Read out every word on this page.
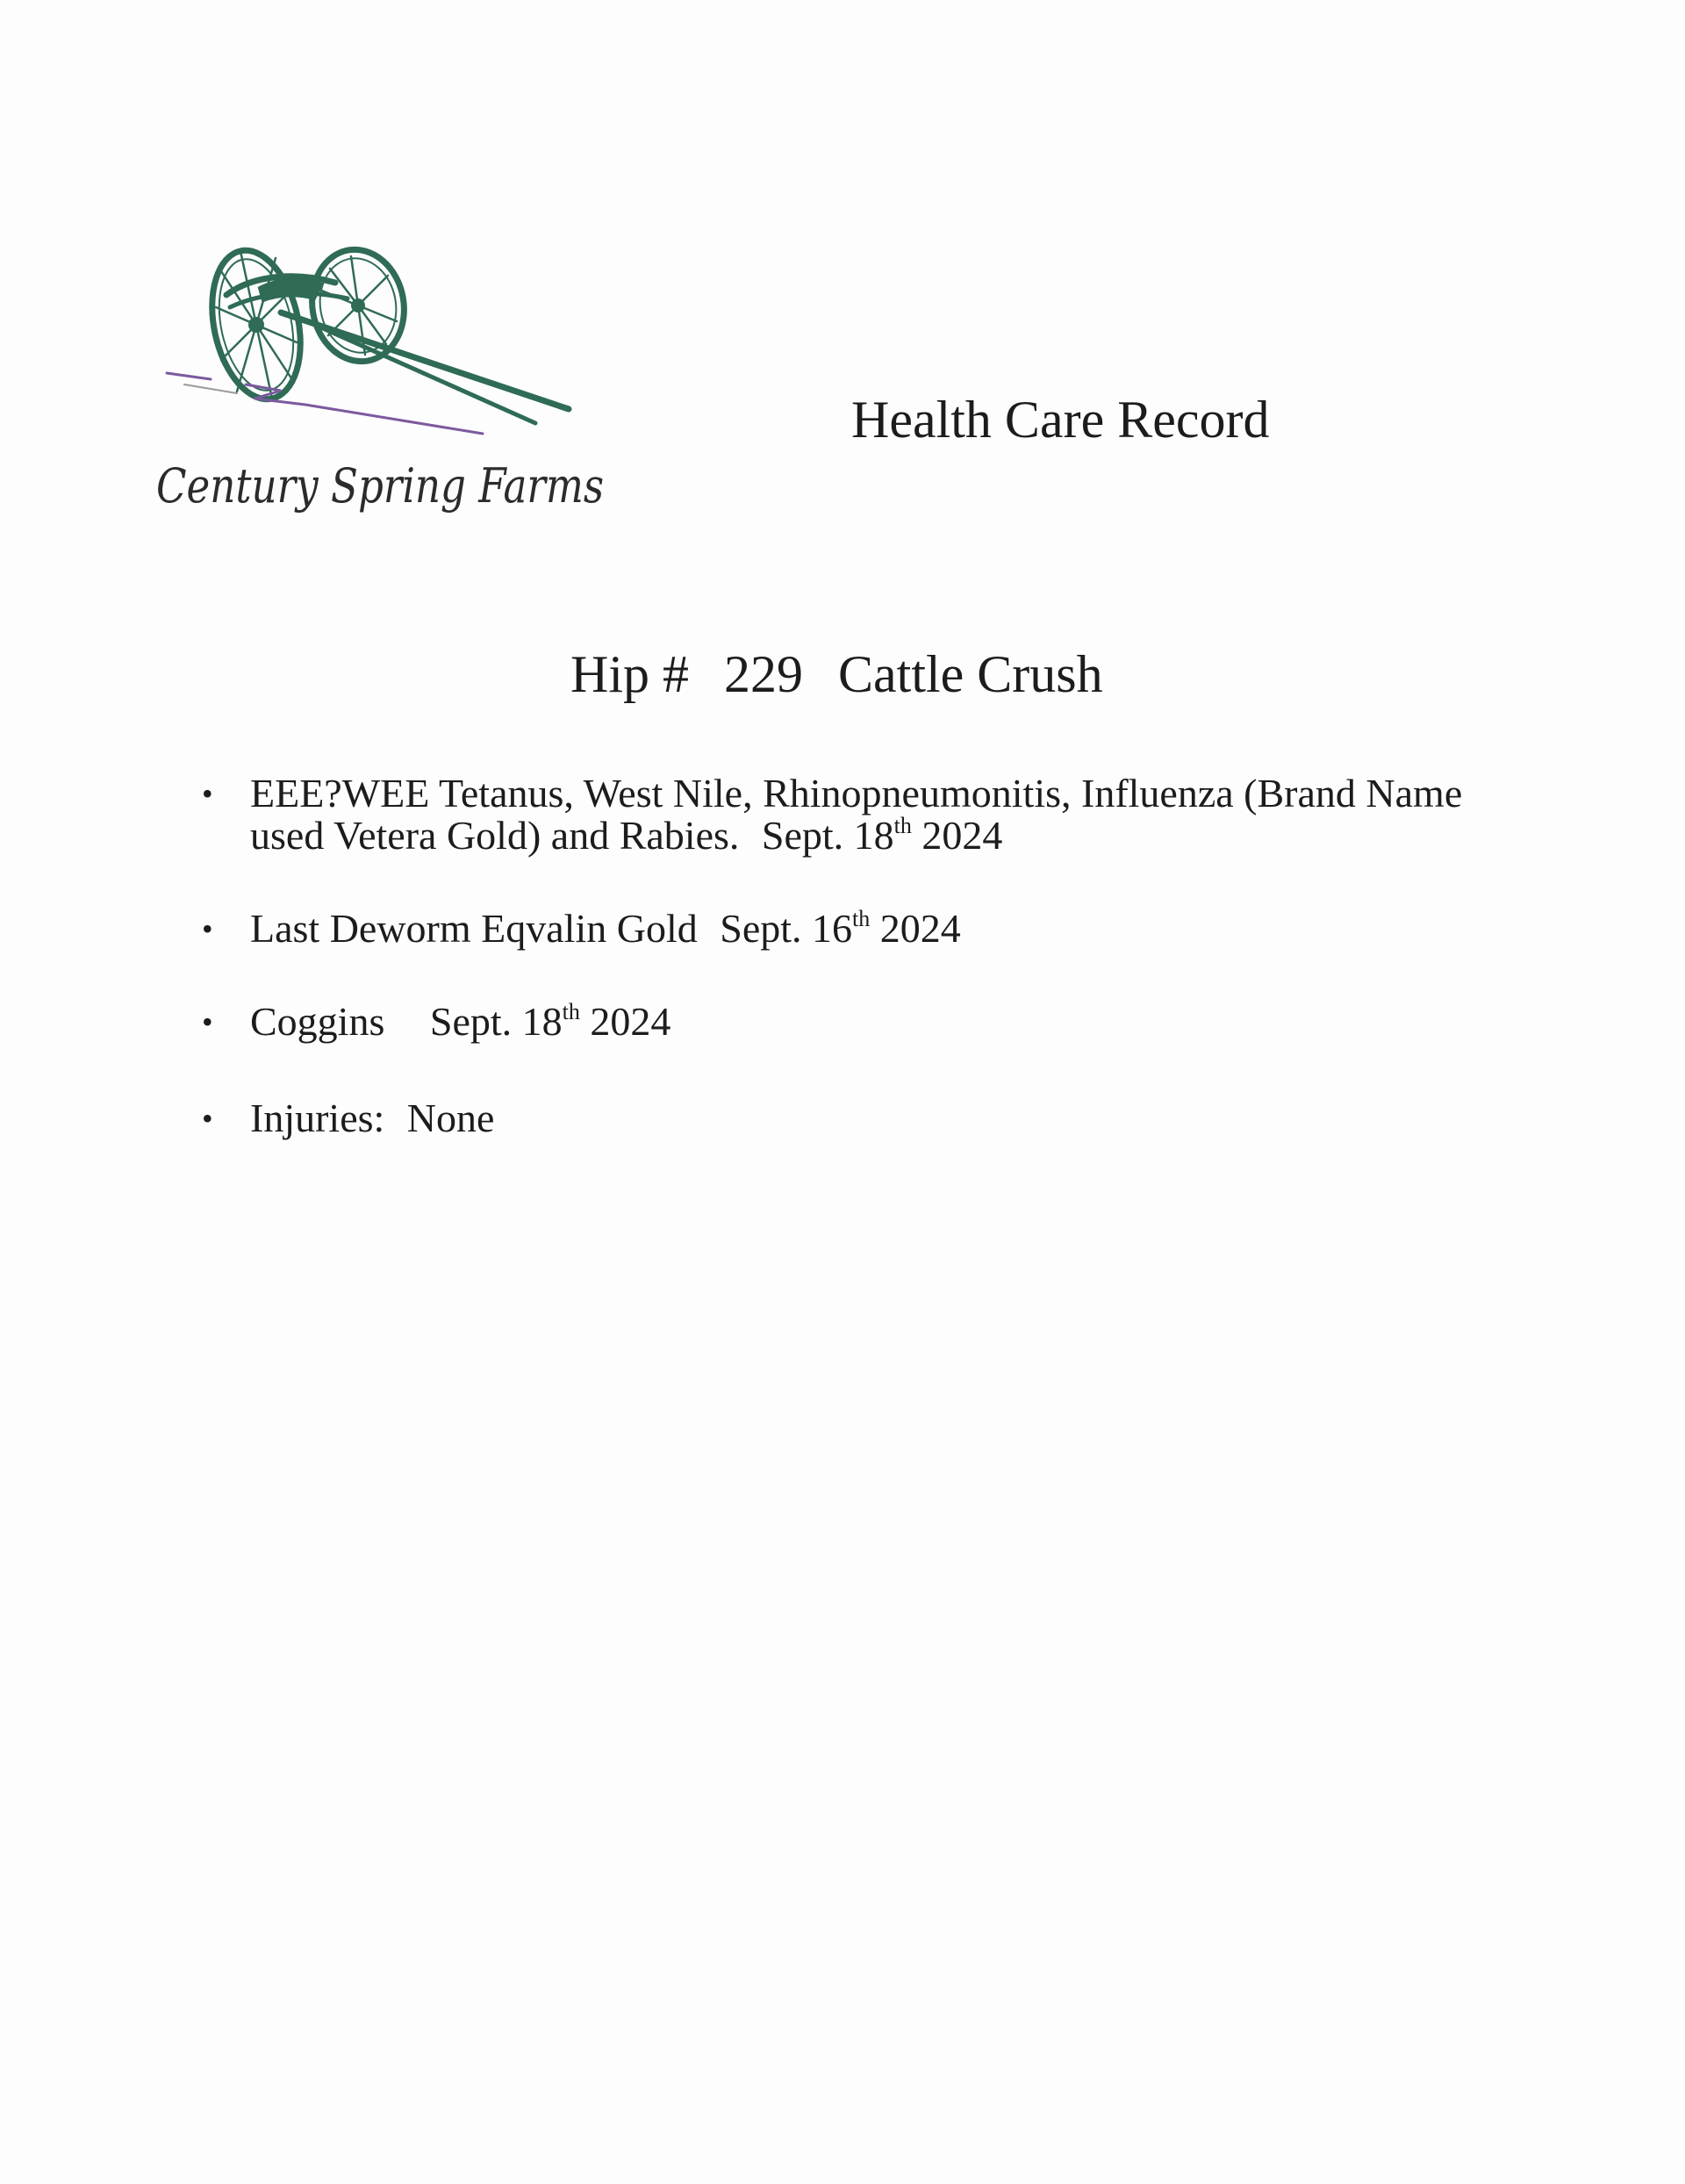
Century Spring Farms
Health Care Record
Hip # 229 Cattle Crush
• EEE?WEE Tetanus, West Nile, Rhinopneumonitis, Influenza (Brand Name used Vetera Gold) and Rabies. Sept. 18th 2024
• Last Deworm Eqvalin Gold Sept. 16th 2024
• Coggins Sept. 18th 2024
• Injuries: None
